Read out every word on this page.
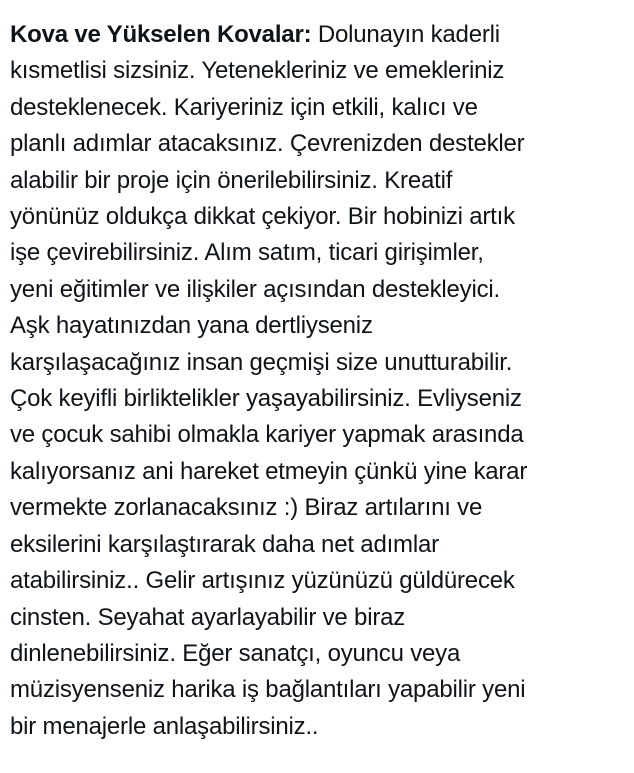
Kova ve Yükselen Kovalar: Dolunayın kaderli
kısmetlisi sizsiniz. Yetenekleriniz ve emekleriniz
desteklenecek. Kariyeriniz için etkili, kalıcı ve
planlı adımlar atacaksınız. Çevrenizden destekler
alabilir bir proje için önerilebilirsiniz. Kreatif
yönünüz oldukça dikkat çekiyor. Bir hobinizi artık
işe çevirebilirsiniz. Alım satım, ticari girişimler,
yeni eğitimler ve ilişkiler açısından destekleyici.
Aşk hayatınızdan yana dertliyseniz
karşılaşacağınız insan geçmişi size unutturabilir.
Çok keyifli birliktelikler yaşayabilirsiniz. Evliyseniz
ve çocuk sahibi olmakla kariyer yapmak arasında
kalıyorsanız ani hareket etmeyin çünkü yine karar
vermekte zorlanacaksınız :) Biraz artılarını ve
eksilerini karşılaştırarak daha net adımlar
atabilirsiniz.. Gelir artışınız yüzünüzü güldürecek
cinsten. Seyahat ayarlayabilir ve biraz
dinlenebilirsiniz. Eğer sanatçı, oyuncu veya
müzisyenseniz harika iş bağlantıları yapabilir yeni
bir menajerle anlaşabilirsiniz..
